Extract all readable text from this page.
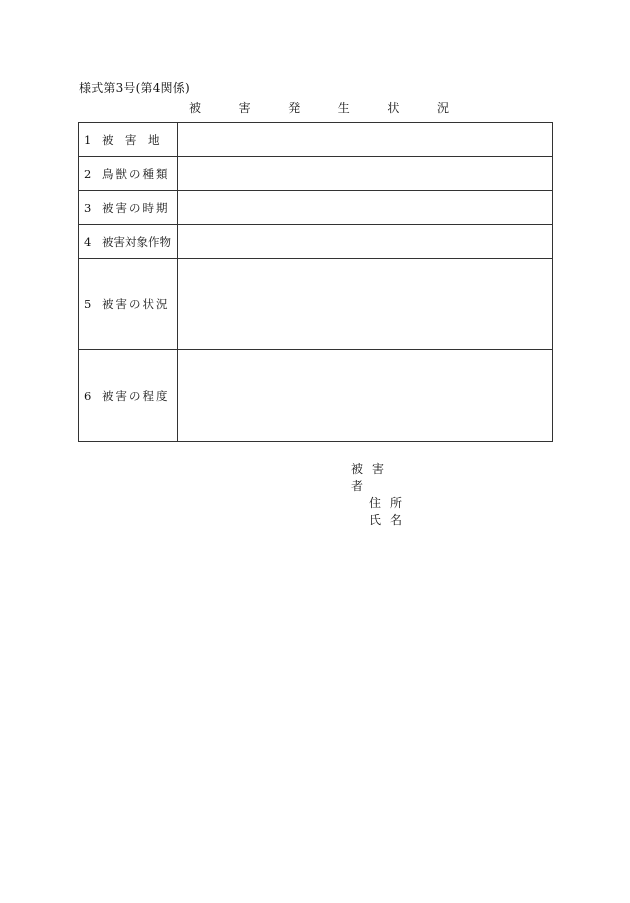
様式第3号(第4関係)
被	害	発	生	状	況
1 被　害　地	

2 鳥獣の種類	

3 被害の時期	

4 被害対象作物	

5 被害の状況	

6 被害の程度	

被害者
住所
氏名
